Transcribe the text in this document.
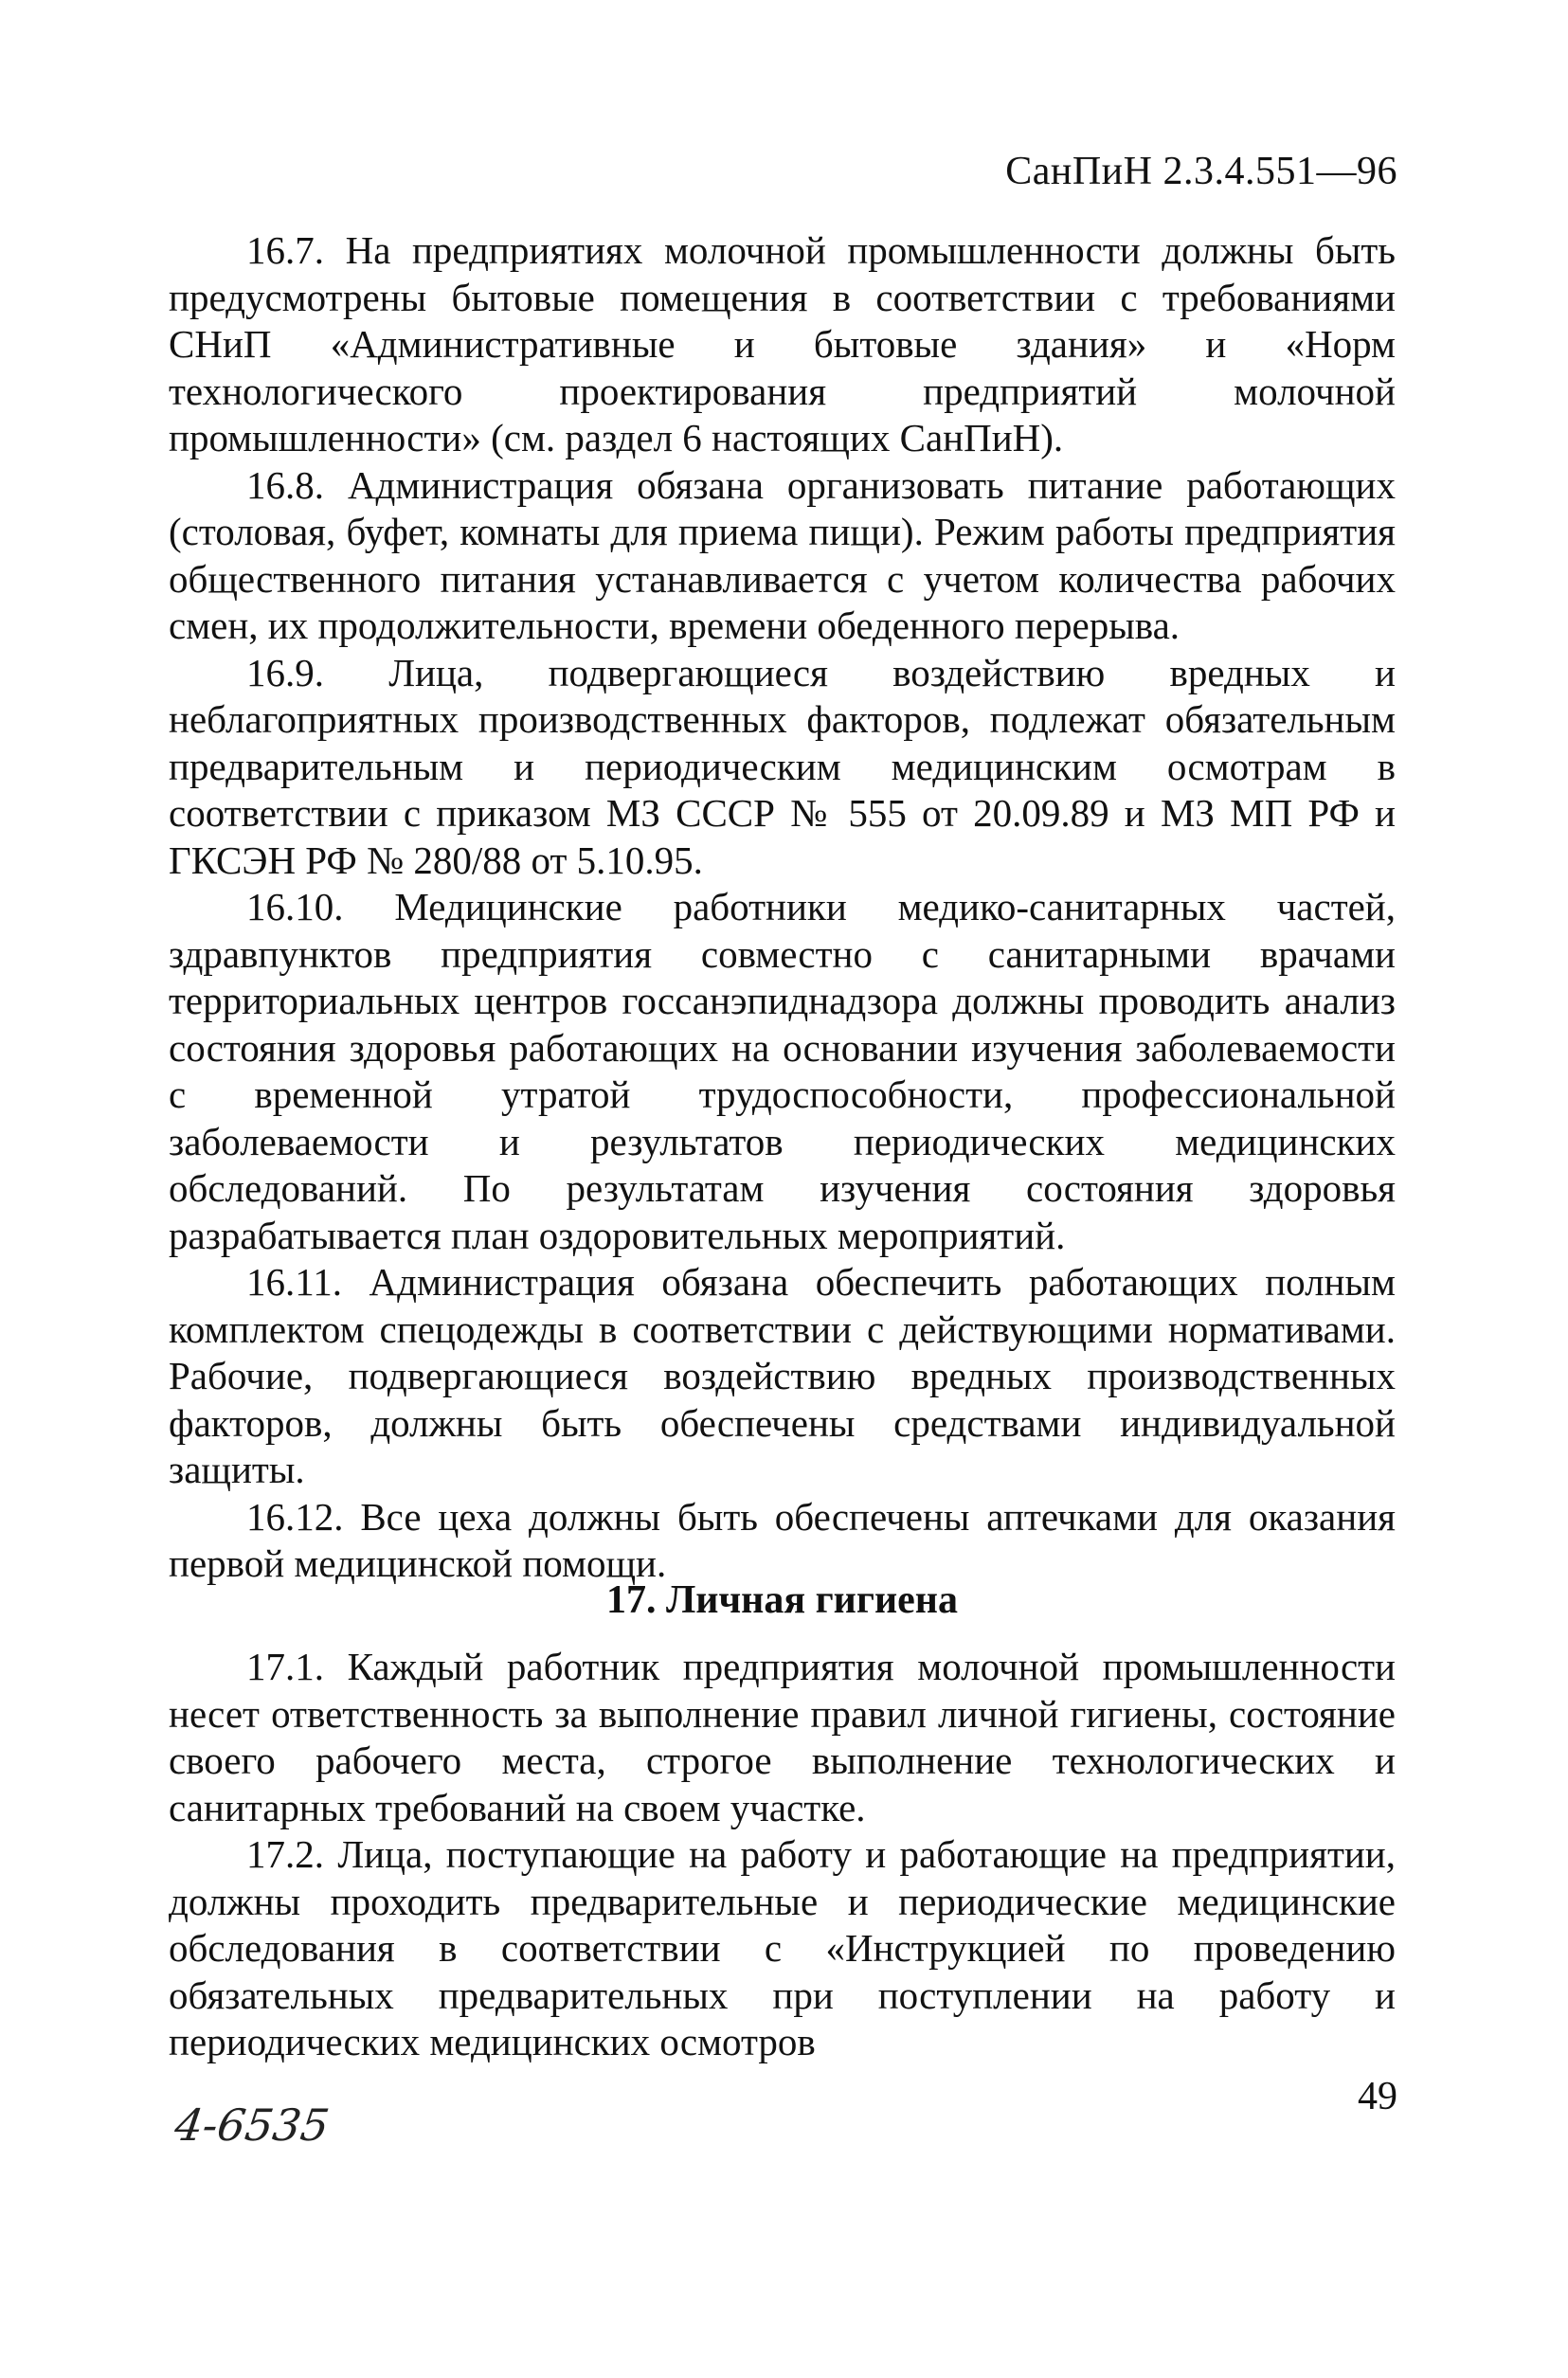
СанПиН 2.3.4.551—96

16.7. На предприятиях молочной промышленности должны быть предусмотрены бытовые помещения в соответствии с требованиями СНиП «Административные и бытовые здания» и «Норм технологического проектирования предприятий молочной промышленности» (см. раздел 6 настоящих СанПиН).

16.8. Администрация обязана организовать питание работающих (столовая, буфет, комнаты для приема пищи). Режим работы предприятия общественного питания устанавливается с учетом количества рабочих смен, их продолжительности, времени обеденного перерыва.

16.9. Лица, подвергающиеся воздействию вредных и неблагоприятных производственных факторов, подлежат обязательным предварительным и периодическим медицинским осмотрам в соответствии с приказом МЗ СССР № 555 от 20.09.89 и МЗ МП РФ и ГКСЭН РФ № 280/88 от 5.10.95.

16.10. Медицинские работники медико-санитарных частей, здравпунктов предприятия совместно с санитарными врачами территориальных центров госсанэпиднадзора должны проводить анализ состояния здоровья работающих на основании изучения заболеваемости с временной утратой трудоспособности, профессиональной заболеваемости и результатов периодических медицинских обследований. По результатам изучения состояния здоровья разрабатывается план оздоровительных мероприятий.

16.11. Администрация обязана обеспечить работающих полным комплектом спецодежды в соответствии с действующими нормативами. Рабочие, подвергающиеся воздействию вредных производственных факторов, должны быть обеспечены средствами индивидуальной защиты.

16.12. Все цеха должны быть обеспечены аптечками для оказания первой медицинской помощи.

17. Личная гигиена

17.1. Каждый работник предприятия молочной промышленности несет ответственность за выполнение правил личной гигиены, состояние своего рабочего места, строгое выполнение технологических и санитарных требований на своем участке.

17.2. Лица, поступающие на работу и работающие на предприятии, должны проходить предварительные и периодические медицинские обследования в соответствии с «Инструкцией по проведению обязательных предварительных при поступлении на работу и периодических медицинских осмотров

49
4-6535
